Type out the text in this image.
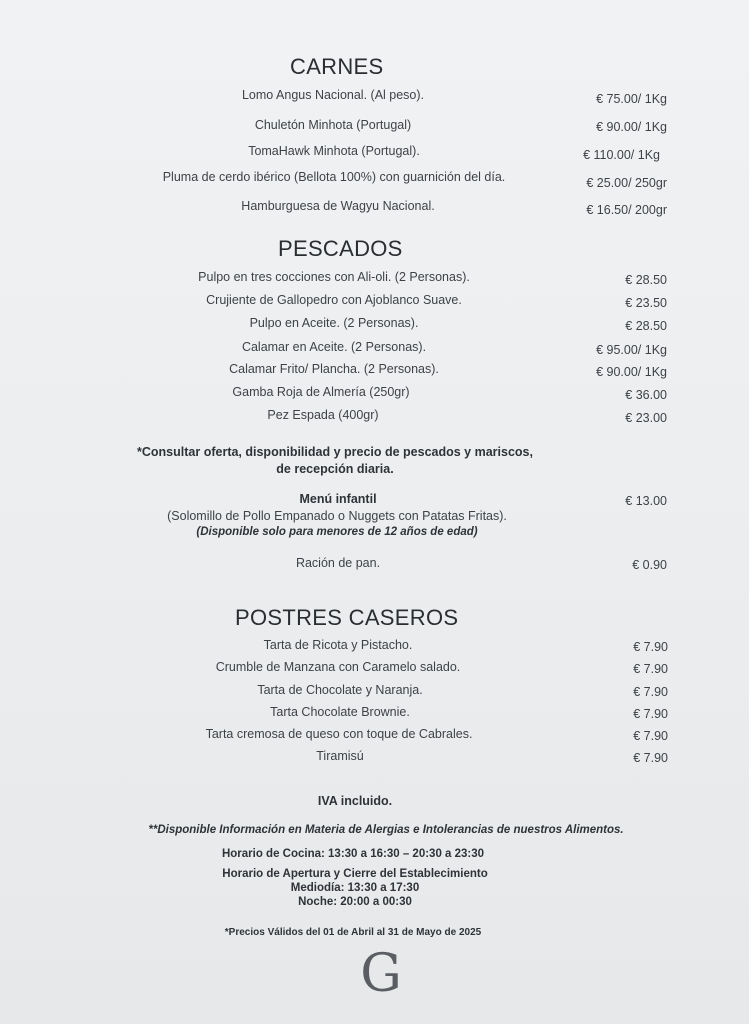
CARNES
Lomo Angus Nacional. (Al peso).	€ 75.00/ 1Kg
Chuletón Minhota (Portugal)	€ 90.00/ 1Kg
TomaHawk Minhota (Portugal).	€ 110.00/ 1Kg
Pluma de cerdo ibérico (Bellota 100%) con guarnición del día.	€ 25.00/ 250gr
Hamburguesa de Wagyu Nacional.	€ 16.50/ 200gr
PESCADOS
Pulpo en tres cocciones con Ali-oli. (2 Personas).	€ 28.50
Crujiente de Gallopedro con Ajoblanco Suave.	€ 23.50
Pulpo en Aceite. (2 Personas).	€ 28.50
Calamar en Aceite. (2 Personas).	€ 95.00/ 1Kg
Calamar Frito/ Plancha. (2 Personas).	€ 90.00/ 1Kg
Gamba Roja de Almería (250gr)	€ 36.00
Pez Espada (400gr)	€ 23.00
*Consultar oferta, disponibilidad y precio de pescados y mariscos,
de recepción diaria.
Menú infantil	€ 13.00
(Solomillo de Pollo Empanado o Nuggets con Patatas Fritas).
(Disponible solo para menores de 12 años de edad)
Ración de pan.	€ 0.90
POSTRES CASEROS
Tarta de Ricota y Pistacho.	€ 7.90
Crumble de Manzana con Caramelo salado.	€ 7.90
Tarta de Chocolate y Naranja.	€ 7.90
Tarta Chocolate Brownie.	€ 7.90
Tarta cremosa de queso con toque de Cabrales.	€ 7.90
Tiramisú	€ 7.90
IVA incluido.
**Disponible Información en Materia de Alergias e Intolerancias de nuestros Alimentos.
Horario de Cocina: 13:30 a 16:30 – 20:30 a 23:30
Horario de Apertura y Cierre del Establecimiento
Mediodía: 13:30 a 17:30
Noche: 20:00 a 00:30
*Precios Válidos del 01 de Abril al 31 de Mayo de 2025
G
